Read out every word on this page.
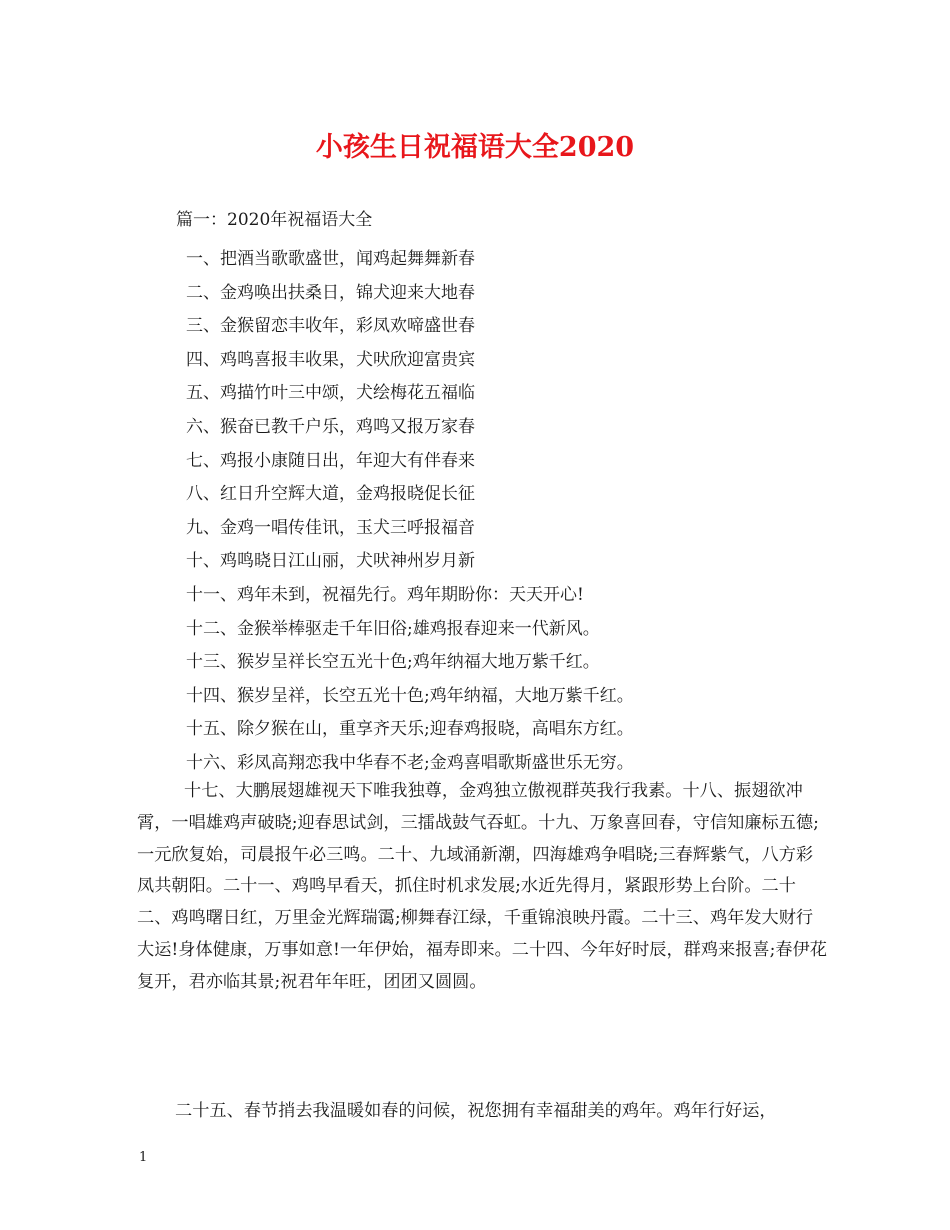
小孩生日祝福语大全2020
篇一：2020年祝福语大全
一、把酒当歌歌盛世，闻鸡起舞舞新春
二、金鸡唤出扶桑日，锦犬迎来大地春
三、金猴留恋丰收年，彩凤欢啼盛世春
四、鸡鸣喜报丰收果，犬吠欣迎富贵宾
五、鸡描竹叶三中颂，犬绘梅花五福临
六、猴奋已教千户乐，鸡鸣又报万家春
七、鸡报小康随日出，年迎大有伴春来
八、红日升空辉大道，金鸡报晓促长征
九、金鸡一唱传佳讯，玉犬三呼报福音
十、鸡鸣晓日江山丽，犬吠神州岁月新
十一、鸡年未到，祝福先行。鸡年期盼你：天天开心!
十二、金猴举棒驱走千年旧俗;雄鸡报春迎来一代新风。
十三、猴岁呈祥长空五光十色;鸡年纳福大地万紫千红。
十四、猴岁呈祥，长空五光十色;鸡年纳福，大地万紫千红。
十五、除夕猴在山，重享齐天乐;迎春鸡报晓，高唱东方红。
十六、彩凤高翔恋我中华春不老;金鸡喜唱歌斯盛世乐无穷。

十七、大鹏展翅雄视天下唯我独尊，金鸡独立傲视群英我行我素。十八、振翅欲冲霄，一唱雄鸡声破晓;迎春思试剑，三擂战鼓气吞虹。十九、万象喜回春，守信知廉标五德;一元欣复始，司晨报午必三鸣。二十、九域涌新潮，四海雄鸡争唱晓;三春辉紫气，八方彩凤共朝阳。二十一、鸡鸣早看天，抓住时机求发展;水近先得月，紧跟形势上台阶。二十二、鸡鸣曙日红，万里金光辉瑞霭;柳舞春江绿，千重锦浪映丹霞。二十三、鸡年发大财行大运!身体健康，万事如意!一年伊始，福寿即来。二十四、今年好时辰，群鸡来报喜;春伊花复开，君亦临其景;祝君年年旺，团团又圆圆。

二十五、春节捎去我温暖如春的问候，祝您拥有幸福甜美的鸡年。鸡年行好运，

1
